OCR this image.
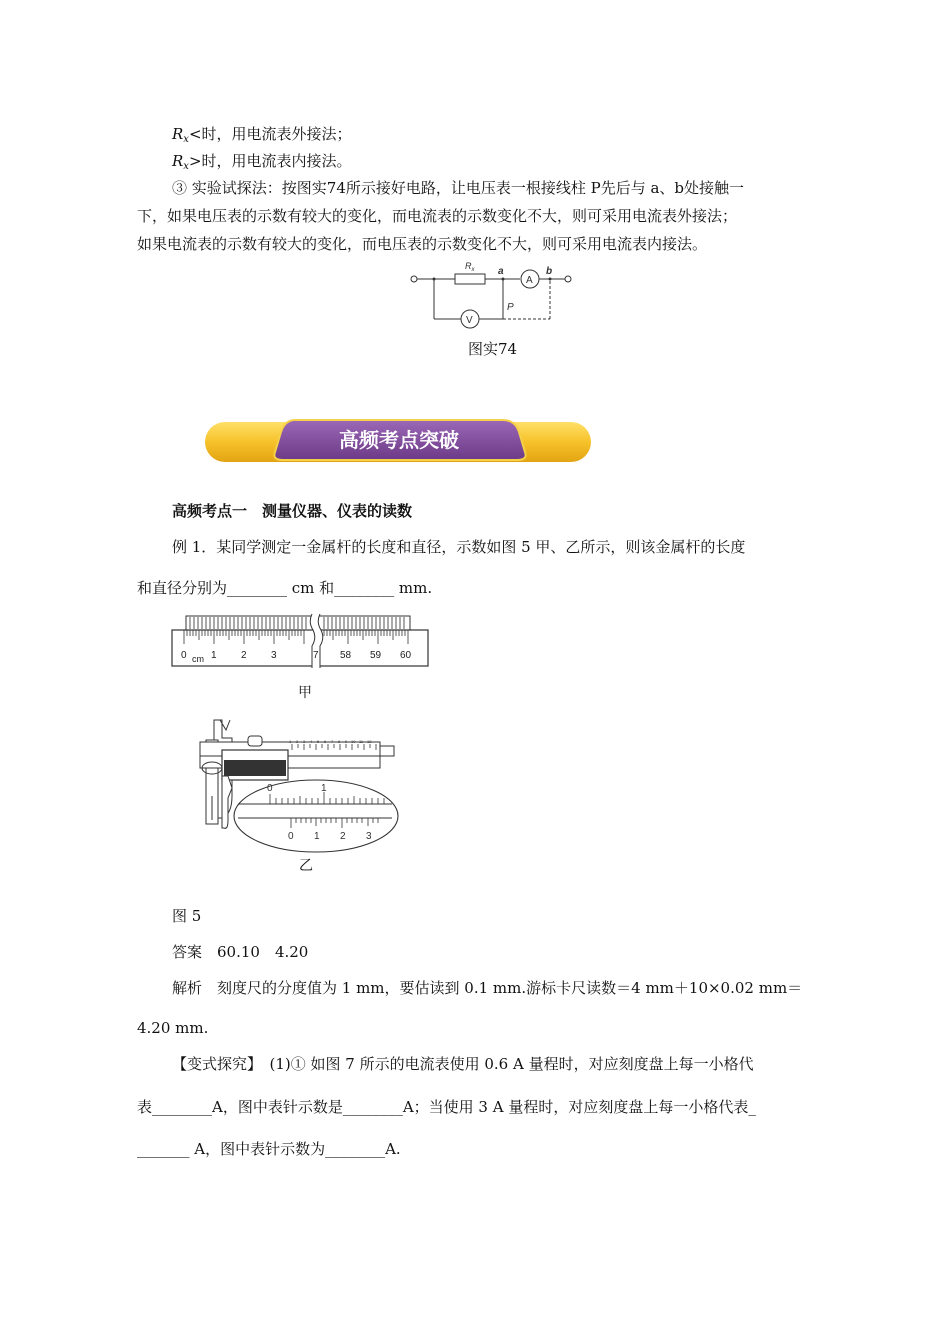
$R_x<$时，用电流表外接法；
$R_x>$时，用电流表内接法。
③ 实验试探法：按图实74所示接好电路，让电压表一根接线柱 P先后与 a、b处接触一
下，如果电压表的示数有较大的变化，而电流表的示数变化不大，则可采用电流表外接法；
如果电流表的示数有较大的变化，而电压表的示数变化不大，则可采用电流表内接法。
$R_x$
A
a	b
V
P
图实74
高频考点突破
高频考点一　测量仪器、仪表的读数
例 1．某同学测定一金属杆的长度和直径，示数如图 5 甲、乙所示，则该金属杆的长度
和直径分别为________ cm 和________ mm.
0 cm 1 2 3	7 58 59 60
甲
1 2 3 4 5 6 7 8 9 10 11 12
0	1
0 1 2 3
乙
图 5
答案　60.10　4.20
解析　刻度尺的分度值为 1 mm，要估读到 0.1 mm.游标卡尺读数＝4 mm＋10×0.02 mm＝
4.20 mm.
【变式探究】　(1)① 如图 7 所示的电流表使用 0.6 A 量程时，对应刻度盘上每一小格代
表________A，图中表针示数是________A；当使用 3 A 量程时，对应刻度盘上每一小格代表_
_______ A，图中表针示数为________A.
